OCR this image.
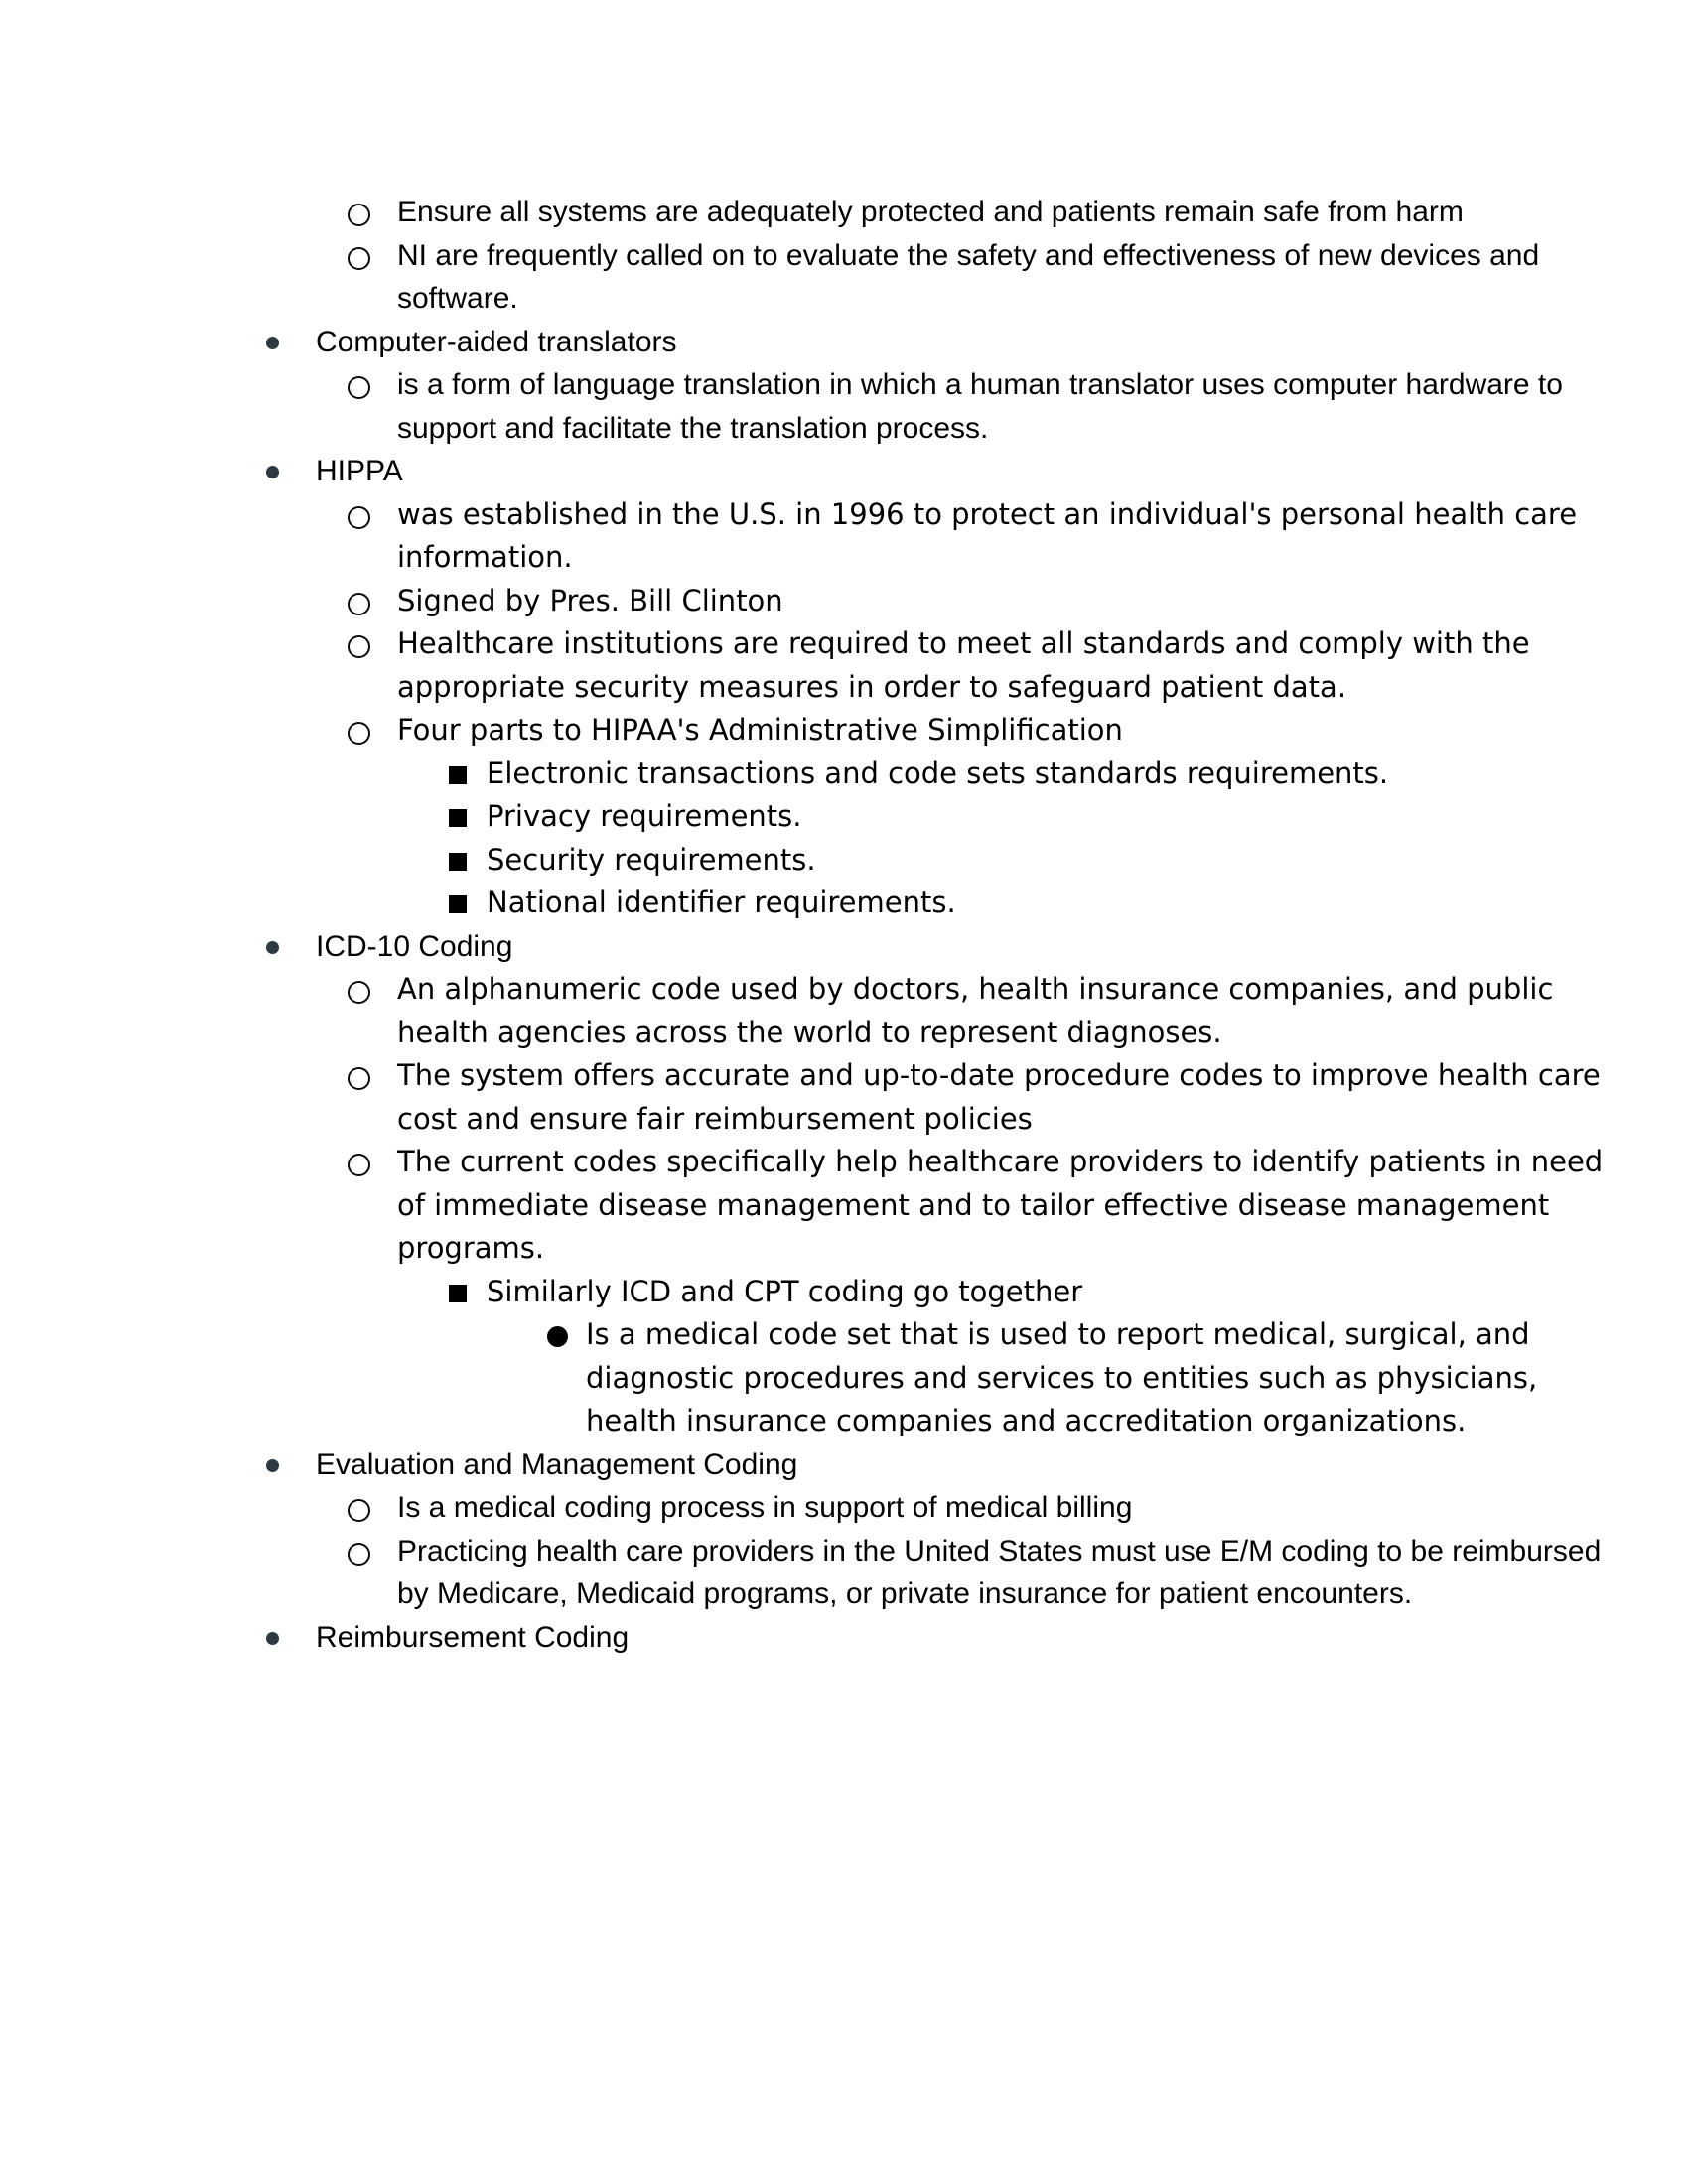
Ensure all systems are adequately protected and patients remain safe from harm
NI are frequently called on to evaluate the safety and effectiveness of new devices and software.
Computer-aided translators
is a form of language translation in which a human translator uses computer hardware to support and facilitate the translation process.
HIPPA
was established in the U.S. in 1996 to protect an individual's personal health care information.
Signed by Pres. Bill Clinton
Healthcare institutions are required to meet all standards and comply with the appropriate security measures in order to safeguard patient data.
Four parts to HIPAA's Administrative Simplification
Electronic transactions and code sets standards requirements.
Privacy requirements.
Security requirements.
National identifier requirements.
ICD-10 Coding
An alphanumeric code used by doctors, health insurance companies, and public health agencies across the world to represent diagnoses.
The system offers accurate and up-to-date procedure codes to improve health care cost and ensure fair reimbursement policies
The current codes specifically help healthcare providers to identify patients in need of immediate disease management and to tailor effective disease management programs.
Similarly ICD and CPT coding go together
Is a medical code set that is used to report medical, surgical, and diagnostic procedures and services to entities such as physicians, health insurance companies and accreditation organizations.
Evaluation and Management Coding
Is a medical coding process in support of medical billing
Practicing health care providers in the United States must use E/M coding to be reimbursed by Medicare, Medicaid programs, or private insurance for patient encounters.
Reimbursement Coding
